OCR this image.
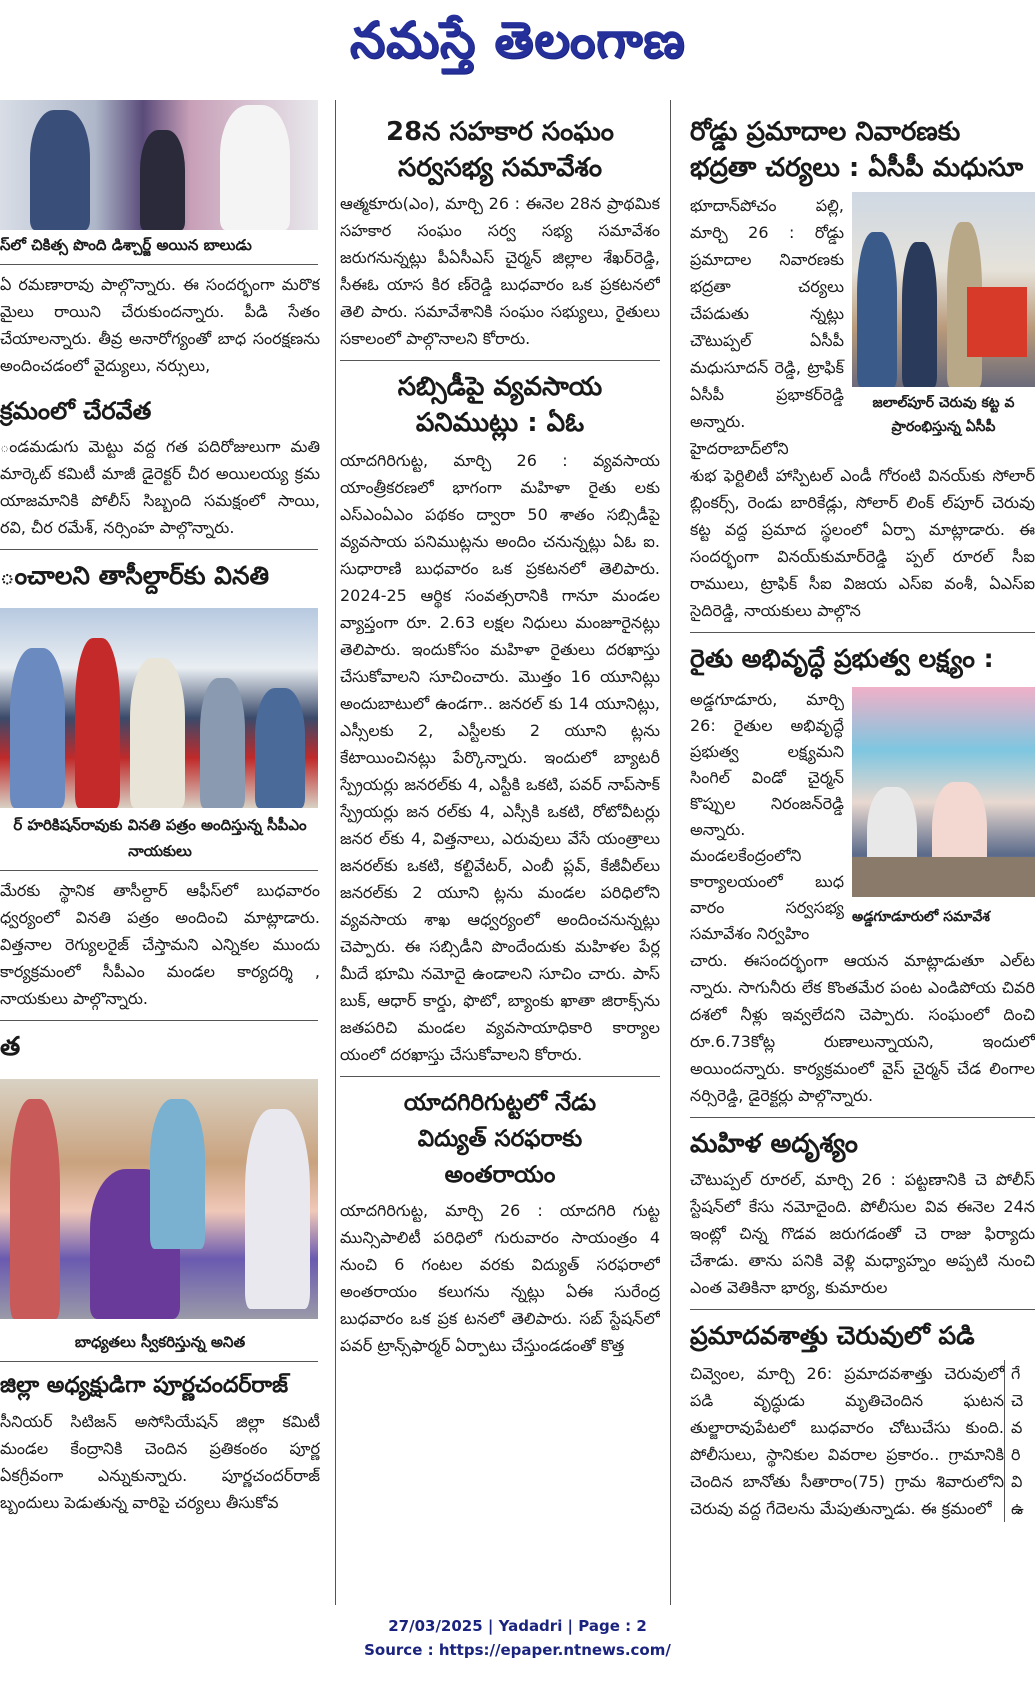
నమస్తే తెలంగాణ

స్‌లో చికిత్స పొంది డిశ్చార్జ్ అయిన బాలుడు

ఏ రమణారావు పాల్గొన్నారు. ఈ సందర్భంగా మరొక మైలు రాయిని చేరుకుందన్నారు. పీడి సేతం చేయాలన్నారు. తీవ్ర అనారోగ్యంతో బాధ సంరక్షణను అందించడంలో వైద్యులు, నర్సులు,

క్రమంలో చేరవేత

ండమడుగు మెట్టు వద్ద గత పదిరోజులుగా మతి మార్కెట్ కమిటీ మాజీ డైరెక్టర్ చీర అయిలయ్య క్రమ యాజమానికి పోలీస్ సిబ్బంది సమక్షంలో సాయి, రవి, చీర రమేశ్, నర్సింహ పాల్గొన్నారు.

ంచాలని తాసీల్దార్‌కు వినతి

ర్ హరికిషన్‌రావుకు వినతి పత్రం అందిస్తున్న సీపీఎం నాయకులు

మేరకు స్థానిక తాసీల్దార్ ఆఫీస్‌లో బుధవారం ధ్వర్యంలో వినతి పత్రం అందించి మాట్లాడారు. విత్తనాల రెగ్యులరైజ్ చేస్తామని ఎన్నికల ముందు కార్యక్రమంలో సీపీఎం మండల కార్యదర్శి , నాయకులు పాల్గొన్నారు.

త

బాధ్యతలు స్వీకరిస్తున్న అనిత

జిల్లా అధ్యక్షుడిగా పూర్ణచందర్‌రాజ్

సీనియర్ సిటిజన్ అసోసియేషన్ జిల్లా కమిటీ మండల కేంద్రానికి చెందిన ప్రతికంఠం పూర్ణ ఏకగ్రీవంగా ఎన్నుకున్నారు. పూర్ణచందర్‌రాజ్ బ్బందులు పెడుతున్న వారిపై చర్యలు తీసుకోవ

28న సహకార సంఘం సర్వసభ్య సమావేశం

ఆత్మకూరు(ఎం), మార్చి 26 : ఈనెల 28న ప్రాథమిక సహకార సంఘం సర్వ సభ్య సమావేశం జరుగనున్నట్లు పీఏసీఎస్ చైర్మన్ జిల్లాల శేఖర్‌రెడ్డి, సీఈఓ యాస కిర ణ్‌రెడ్డి బుధవారం ఒక ప్రకటనలో తెలి పారు. సమావేశానికి సంఘం సభ్యులు, రైతులు సకాలంలో పాల్గొనాలని కోరారు.

సబ్సిడీపై వ్యవసాయ పనిముట్లు : ఏఓ

యాదగిరిగుట్ట, మార్చి 26 : వ్యవసాయ యాంత్రీకరణలో భాగంగా మహిళా రైతు లకు ఎస్‌ఎంఏఎం పథకం ద్వారా 50 శాతం సబ్సిడీపై వ్యవసాయ పనిముట్లను అందిం చనున్నట్లు ఏఓ ఐ. సుధారాణి బుధవారం ఒక ప్రకటనలో తెలిపారు. 2024-25 ఆర్థిక సంవత్సరానికి గానూ మండల వ్యాప్తంగా రూ. 2.63 లక్షల నిధులు మంజూరైనట్లు తెలిపారు. ఇందుకోసం మహిళా రైతులు దరఖాస్తు చేసుకోవాలని సూచించారు. మొత్తం 16 యూనిట్లు అందుబాటులో ఉండగా.. జనరల్ కు 14 యూనిట్లు, ఎస్సీలకు 2, ఎస్టీలకు 2 యూని ట్లను కేటాయించినట్లు పేర్కొన్నారు. ఇందులో బ్యాటరీ స్ప్రేయర్లు జనరల్‌కు 4, ఎస్టీకి ఒకటి, పవర్ నాప్‌సాక్ స్ప్రేయర్లు జన రల్‌కు 4, ఎస్సీకి ఒకటి, రోటోవీటర్లు జనర ల్‌కు 4, విత్తనాలు, ఎరువులు వేసే యంత్రాలు జనరల్‌కు ఒకటి, కల్టివేటర్, ఎంబీ ప్లవ్, కేజీవీల్‌లు జనరల్‌కు 2 యూని ట్లను మండల పరిధిలోని వ్యవసాయ శాఖ ఆధ్వర్యంలో అందించనున్నట్లు చెప్పారు. ఈ సబ్సిడీని పొందేందుకు మహిళల పేర్ల మీదే భూమి నమోదై ఉండాలని సూచిం చారు. పాస్ బుక్, ఆధార్ కార్డు, ఫొటో, బ్యాంకు ఖాతా జిరాక్స్‌ను జతపరిచి మండల వ్యవసాయాధికారి కార్యాల యంలో దరఖాస్తు చేసుకోవాలని కోరారు.

యాదగిరిగుట్టలో నేడు విద్యుత్ సరఫరాకు అంతరాయం

యాదగిరిగుట్ట, మార్చి 26 : యాదగిరి గుట్ట మున్సిపాలిటీ పరిధిలో గురువారం సాయంత్రం 4 నుంచి 6 గంటల వరకు విద్యుత్ సరఫరాలో అంతరాయం కలుగను న్నట్లు ఏఈ సురేంద్ర బుధవారం ఒక ప్రక టనలో తెలిపారు. సబ్ స్టేషన్‌లో పవర్ ట్రాన్స్‌ఫార్మర్ ఏర్పాటు చేస్తుండడంతో కొత్త

రోడ్డు ప్రమాదాల నివారణకు భద్రతా చర్యలు : ఏసీపీ మధుసూ

జలాల్‌పూర్ చెరువు కట్ట వ ప్రారంభిస్తున్న ఏసీపీ

భూదాన్‌పోచం పల్లి, మార్చి 26 : రోడ్డు ప్రమాదాల నివారణకు భద్రతా చర్యలు చేపడుతు న్నట్లు చౌటుప్పల్ ఏసీపీ మధుసూదన్ రెడ్డి, ట్రాఫిక్ ఏసీపీ ప్రభాకర్‌రెడ్డి అన్నారు. హైదరాబాద్‌లోని

శుభ ఫెర్టిలిటీ హాస్పిటల్ ఎండీ గోరంటి వినయ్‌కు సోలార్ బ్లింకర్స్, రెండు బారికేడ్లు, సోలార్ లింక్ ల్‌పూర్ చెరువు కట్ట వద్ద ప్రమాద స్థలంలో ఏర్పా మాట్లాడారు. ఈ సందర్భంగా వినయ్‌కుమార్‌రెడ్డి ప్పల్ రూరల్ సీఐ రాములు, ట్రాఫిక్ సీఐ విజయ ఎస్‌ఐ వంశీ, ఏఎస్‌ఐ సైదిరెడ్డి, నాయకులు పాల్గొన

రైతు అభివృద్ధే ప్రభుత్వ లక్ష్యం :

అడ్డగూడూరులో సమావేశ

అడ్డగూడూరు, మార్చి 26: రైతుల అభివృద్ధే ప్రభుత్వ లక్ష్యమని సింగిల్ విండో చైర్మన్ కొప్పుల నిరంజన్‌రెడ్డి అన్నారు. మండలకేంద్రంలోని కార్యాలయంలో బుధ వారం సర్వసభ్య సమావేశం నిర్వహిం

చారు. ఈసందర్భంగా ఆయన మాట్లాడుతూ ఎల్‌ట న్నారు. సాగునీరు లేక కొంతమేర పంట ఎండిపోయ చివరి దశలో నీళ్లు ఇవ్వలేదని చెప్పారు. సంఘంలో దించి రూ.6.73కోట్ల రుణాలున్నాయని, ఇందులో అయిందన్నారు. కార్యక్రమంలో వైస్ చైర్మన్ చేడ లింగాల నర్సిరెడ్డి, డైరెక్టర్లు పాల్గొన్నారు.

మహిళ అదృశ్యం

చౌటుప్పల్ రూరల్, మార్చి 26 : పట్టణానికి చె పోలీస్ స్టేషన్‌లో కేసు నమోదైంది. పోలీసుల వివ ఈనెల 24న ఇంట్లో చిన్న గొడవ జరుగడంతో చె రాజు ఫిర్యాదు చేశాడు. తాను పనికి వెళ్లి మధ్యాహ్నం అప్పటి నుంచి ఎంత వెతికినా భార్య, కుమారుల

ప్రమాదవశాత్తు చెరువులో పడి

గే చె వ రి వి ఉ

చివ్వెంల, మార్చి 26: ప్రమాదవశాత్తు చెరువులో పడి వృద్ధుడు మృతిచెందిన ఘటన తుల్జారావుపేటలో బుధవారం చోటుచేసు కుంది. పోలీసులు, స్థానికుల వివరాల ప్రకారం.. గ్రామానికి చెందిన బానోతు సీతారాం(75) గ్రామ శివారులోని చెరువు వద్ద గేదెలను మేపుతున్నాడు. ఈ క్రమంలో

27/03/2025 | Yadadri | Page : 2
Source : https://epaper.ntnews.com/
